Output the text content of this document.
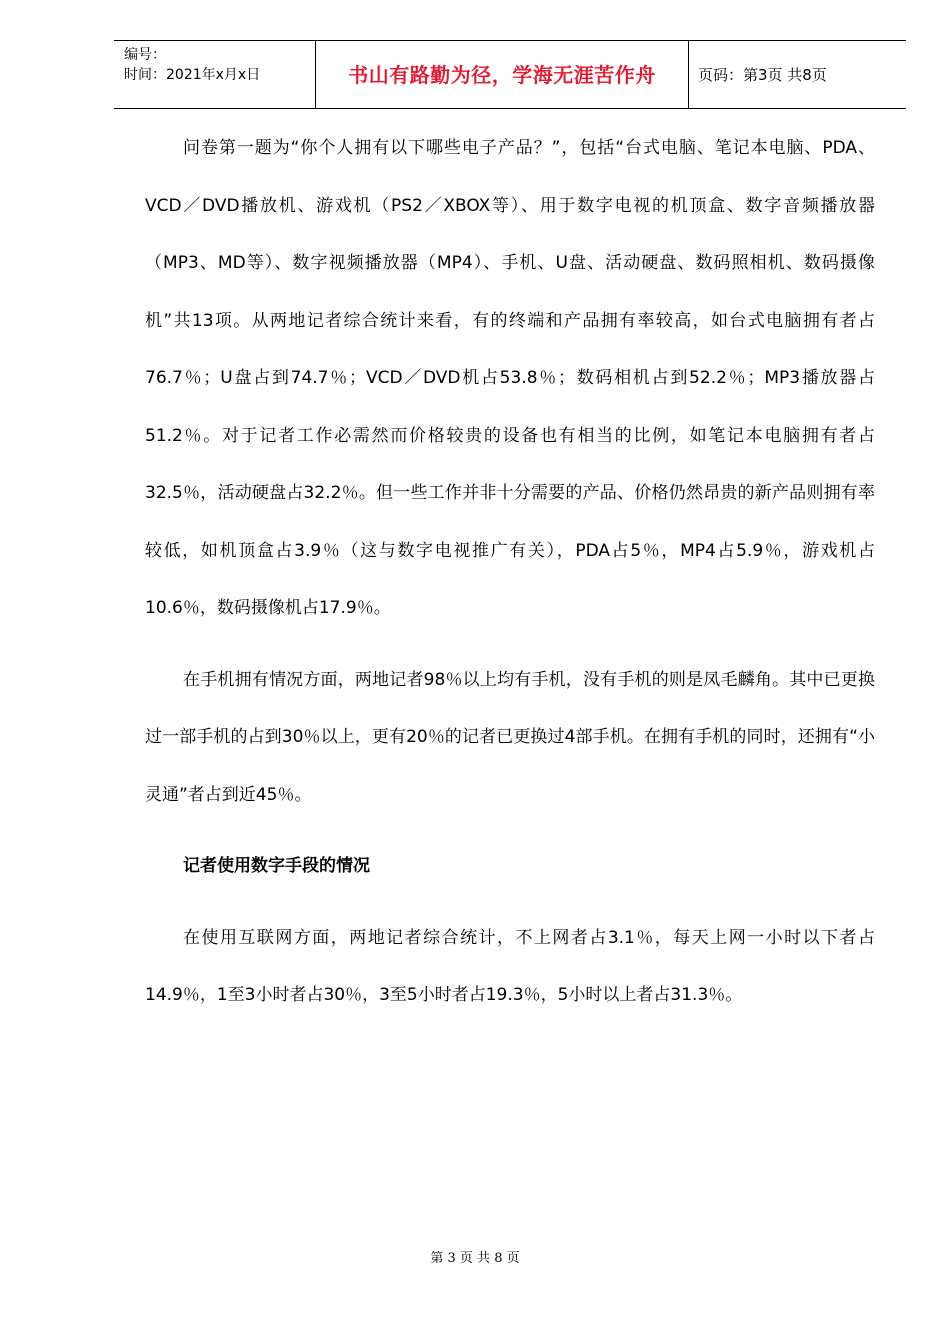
编号：
时间：2021年x月x日	书山有路勤为径，学海无涯苦作舟	页码：第3页 共8页

问卷第一题为“你个人拥有以下哪些电子产品？”，包括“台式电脑、笔记本电脑、PDA、VCD／DVD播放机、游戏机（PS2／XBOX等）、用于数字电视的机顶盒、数字音频播放器（MP3、MD等）、数字视频播放器（MP4）、手机、U盘、活动硬盘、数码照相机、数码摄像机”共13项。从两地记者综合统计来看，有的终端和产品拥有率较高，如台式电脑拥有者占76.7％；U盘占到74.7％；VCD／DVD机占53.8％；数码相机占到52.2％；MP3播放器占51.2％。对于记者工作必需然而价格较贵的设备也有相当的比例，如笔记本电脑拥有者占32.5％，活动硬盘占32.2％。但一些工作并非十分需要的产品、价格仍然昂贵的新产品则拥有率较低，如机顶盒占3.9％（这与数字电视推广有关），PDA占5％，MP4占5.9％，游戏机占10.6％，数码摄像机占17.9％。

在手机拥有情况方面，两地记者98％以上均有手机，没有手机的则是凤毛麟角。其中已更换过一部手机的占到30％以上，更有20％的记者已更换过4部手机。在拥有手机的同时，还拥有“小灵通”者占到近45％。

记者使用数字手段的情况

在使用互联网方面，两地记者综合统计，不上网者占3.1％，每天上网一小时以下者占14.9％，1至3小时者占30％，3至5小时者占19.3％，5小时以上者占31.3％。

第 3 页 共 8 页
